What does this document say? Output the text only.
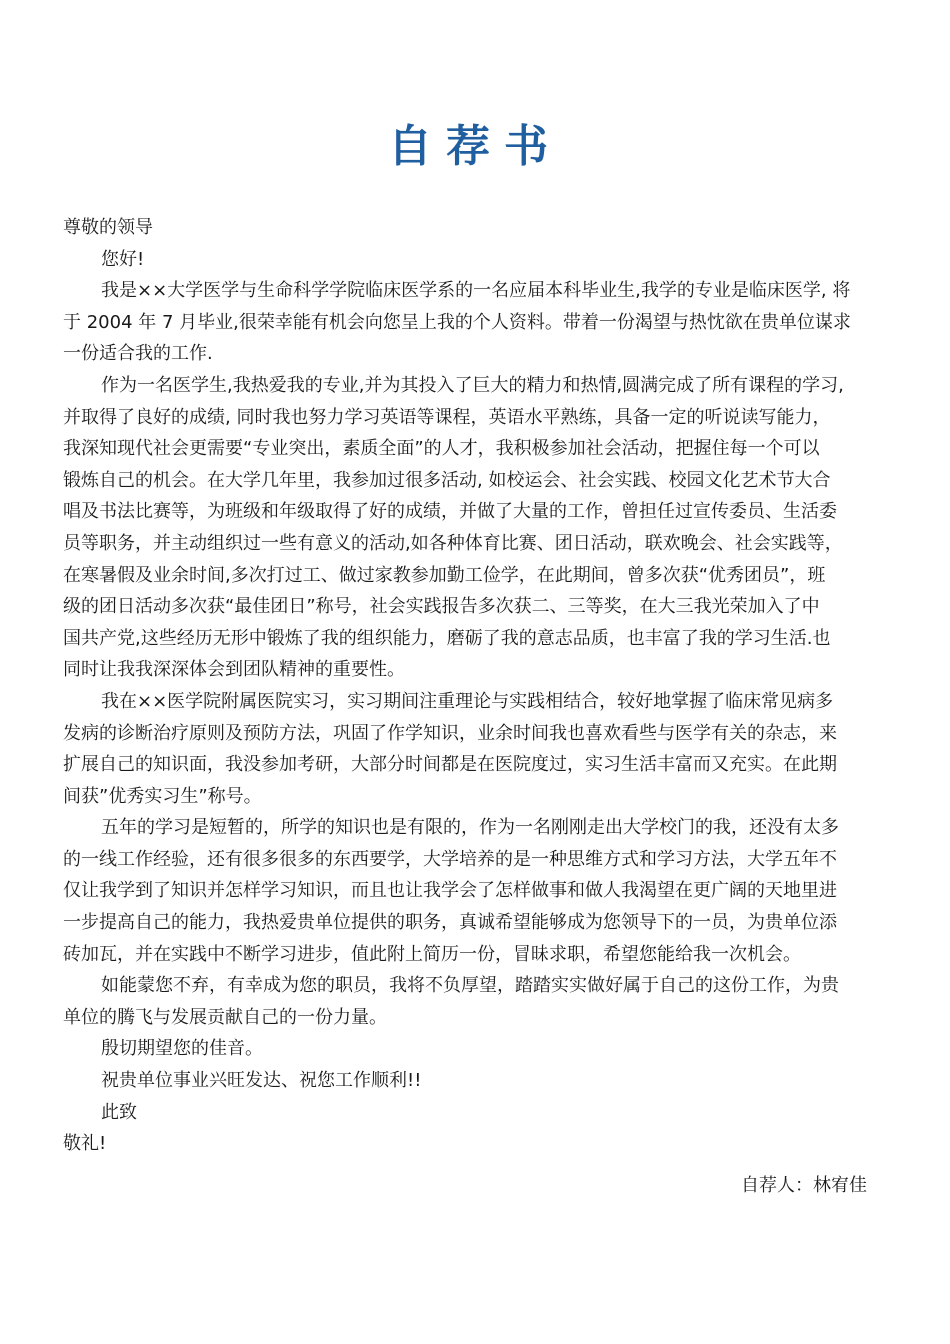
自荐书
尊敬的领导
您好!
我是××大学医学与生命科学学院临床医学系的一名应届本科毕业生,我学的专业是临床医学, 将
于 2004 年 7 月毕业,很荣幸能有机会向您呈上我的个人资料。带着一份渴望与热忱欲在贵单位谋求
一份适合我的工作.
作为一名医学生,我热爱我的专业,并为其投入了巨大的精力和热情,圆满完成了所有课程的学习,
并取得了良好的成绩, 同时我也努力学习英语等课程，英语水平熟练，具备一定的听说读写能力，
我深知现代社会更需要“专业突出，素质全面”的人才，我积极参加社会活动，把握住每一个可以
锻炼自己的机会。在大学几年里，我参加过很多活动, 如校运会、社会实践、校园文化艺术节大合
唱及书法比赛等，为班级和年级取得了好的成绩，并做了大量的工作，曾担任过宣传委员、生活委
员等职务，并主动组织过一些有意义的活动,如各种体育比赛、团日活动，联欢晚会、社会实践等，
在寒暑假及业余时间,多次打过工、做过家教参加勤工俭学，在此期间，曾多次获“优秀团员”，班
级的团日活动多次获“最佳团日”称号，社会实践报告多次获二、三等奖，在大三我光荣加入了中
国共产党,这些经历无形中锻炼了我的组织能力，磨砺了我的意志品质，也丰富了我的学习生活.也
同时让我我深深体会到团队精神的重要性。
我在××医学院附属医院实习，实习期间注重理论与实践相结合，较好地掌握了临床常见病多
发病的诊断治疗原则及预防方法，巩固了作学知识，业余时间我也喜欢看些与医学有关的杂志，来
扩展自己的知识面，我没参加考研，大部分时间都是在医院度过，实习生活丰富而又充实。在此期
间获”优秀实习生”称号。
五年的学习是短暂的，所学的知识也是有限的，作为一名刚刚走出大学校门的我，还没有太多
的一线工作经验，还有很多很多的东西要学，大学培养的是一种思维方式和学习方法，大学五年不
仅让我学到了知识并怎样学习知识，而且也让我学会了怎样做事和做人我渴望在更广阔的天地里进
一步提高自己的能力，我热爱贵单位提供的职务，真诚希望能够成为您领导下的一员，为贵单位添
砖加瓦，并在实践中不断学习进步，值此附上简历一份，冒昧求职，希望您能给我一次机会。
如能蒙您不弃，有幸成为您的职员，我将不负厚望，踏踏实实做好属于自己的这份工作，为贵
单位的腾飞与发展贡献自己的一份力量。
殷切期望您的佳音。
祝贵单位事业兴旺发达、祝您工作顺利!!
此致
敬礼!
自荐人：林宥佳
